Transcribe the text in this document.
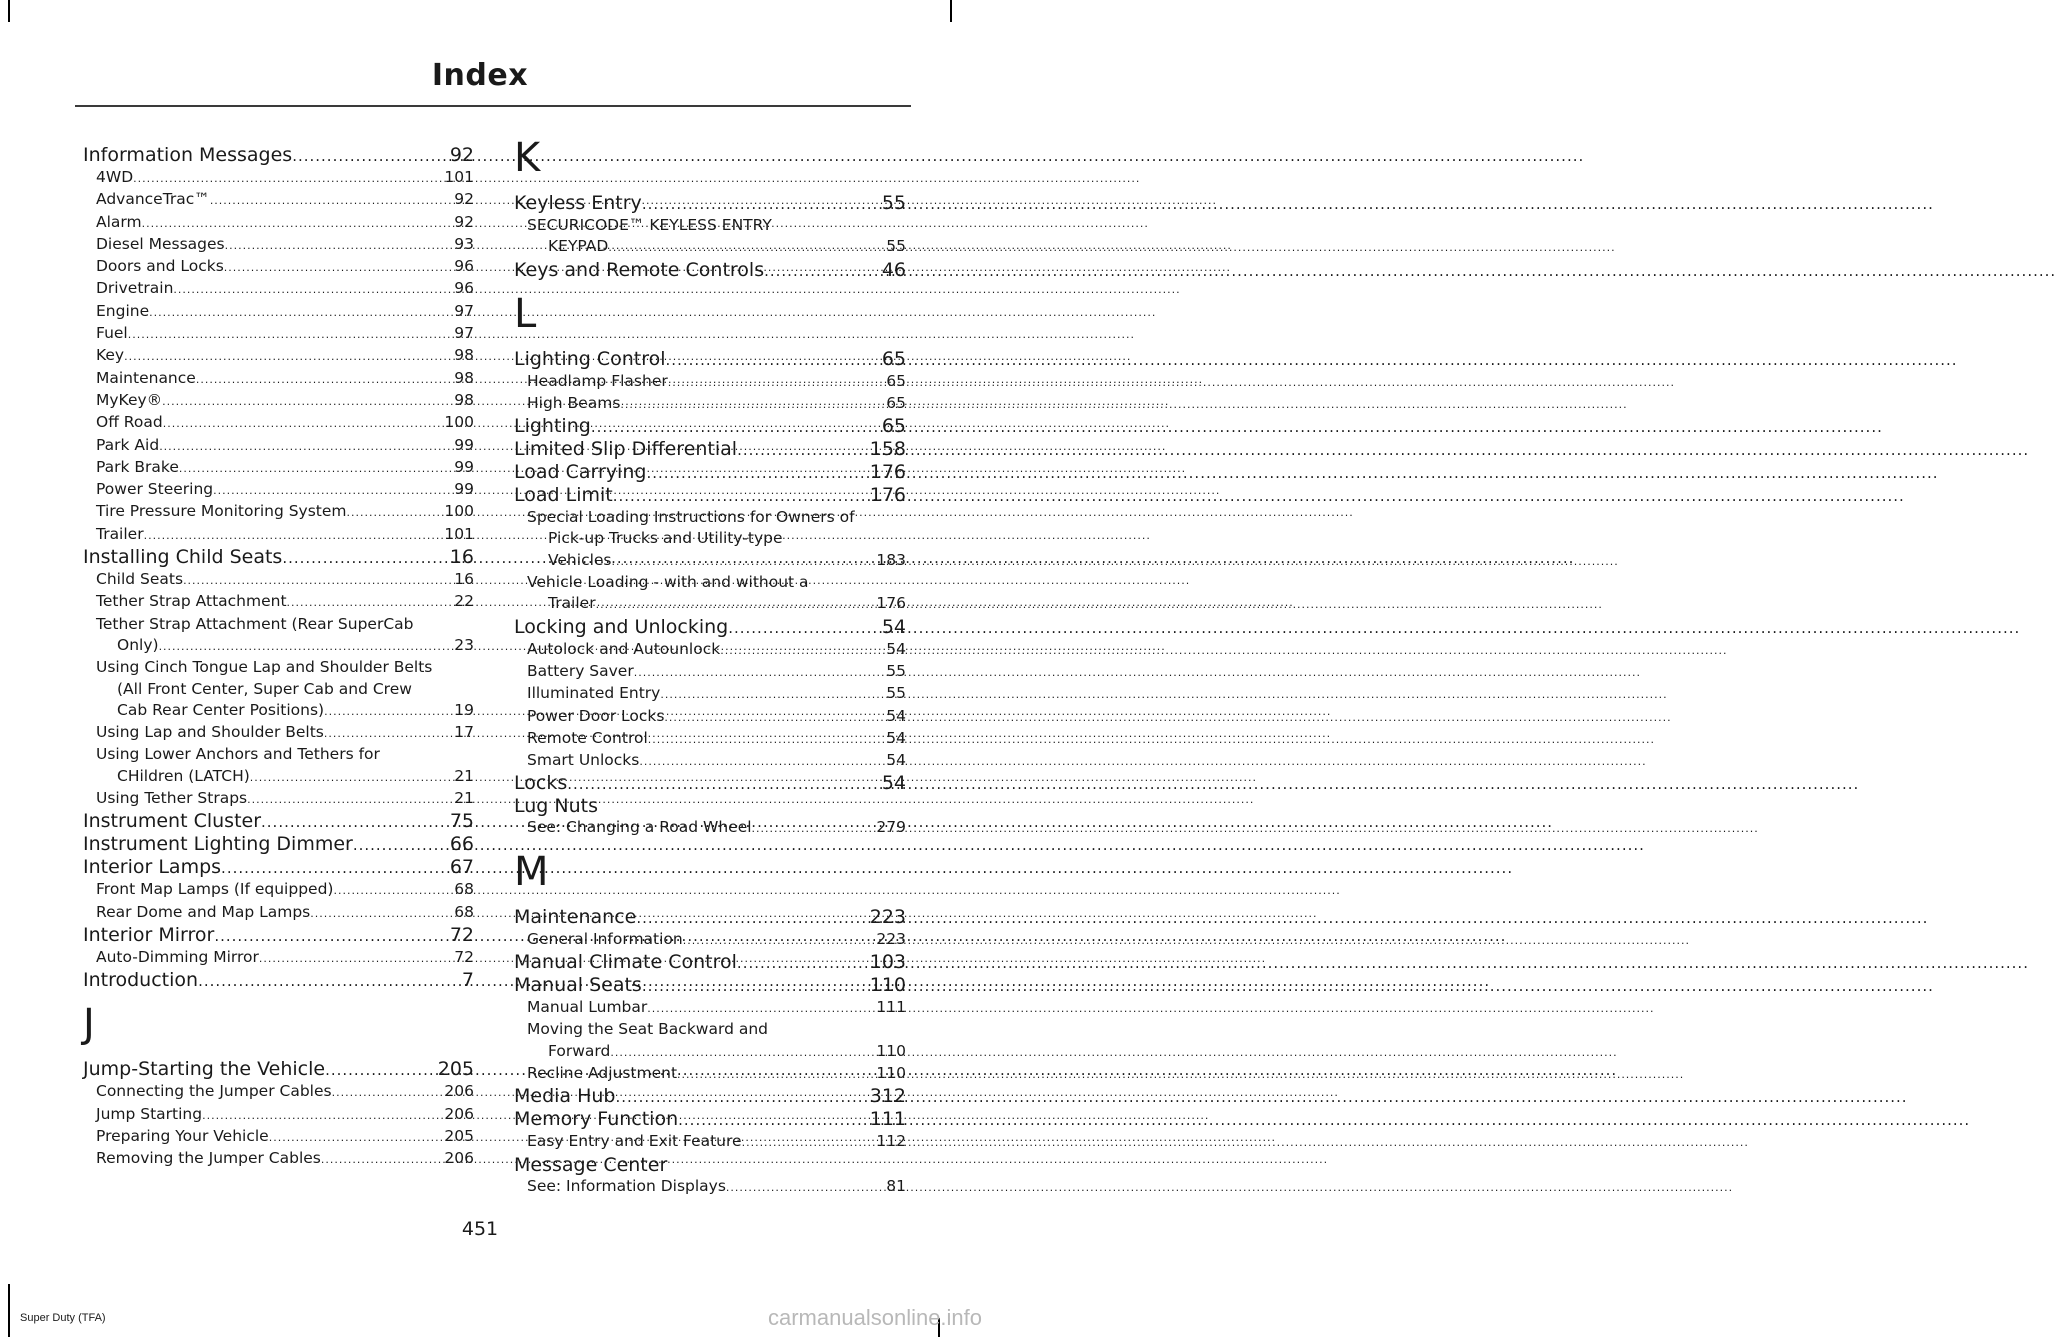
Index
Information Messages .....	92
4WD .....	101
AdvanceTrac™ .....	92
Alarm .....	92
Diesel Messages .....	93
Doors and Locks .....	96
Drivetrain .....	96
Engine .....	97
Fuel .....	97
Key .....	98
Maintenance .....	98
MyKey® .....	98
Off Road .....	100
Park Aid .....	99
Park Brake .....	99
Power Steering .....	99
Tire Pressure Monitoring System .....	100
Trailer .....	101
Installing Child Seats .....	16
Child Seats .....	16
Tether Strap Attachment .....	22
Tether Strap Attachment (Rear SuperCab
Only) .....	23
Using Cinch Tongue Lap and Shoulder Belts
(All Front Center, Super Cab and Crew
Cab Rear Center Positions) .....	19
Using Lap and Shoulder Belts .....	17
Using Lower Anchors and Tethers for
CHildren (LATCH) .....	21
Using Tether Straps .....	21
Instrument Cluster .....	75
Instrument Lighting Dimmer .....	66
Interior Lamps .....	67
Front Map Lamps (If equipped) .....	68
Rear Dome and Map Lamps .....	68
Interior Mirror .....	72
Auto-Dimming Mirror .....	72
Introduction .....	7
J
Jump-Starting the Vehicle .....	205
Connecting the Jumper Cables .....	206
Jump Starting .....	206
Preparing Your Vehicle .....	205
Removing the Jumper Cables .....	206
K
Keyless Entry .....	55
SECURICODE™ KEYLESS ENTRY
KEYPAD .....	55
Keys and Remote Controls .....	46
L
Lighting Control .....	65
Headlamp Flasher .....	65
High Beams .....	65
Lighting .....	65
Limited Slip Differential .....	158
Load Carrying .....	176
Load Limit .....	176
Special Loading Instructions for Owners of
Pick-up Trucks and Utility-type
Vehicles .....	183
Vehicle Loading - with and without a
Trailer .....	176
Locking and Unlocking .....	54
Autolock and Autounlock .....	54
Battery Saver .....	55
Illuminated Entry .....	55
Power Door Locks .....	54
Remote Control .....	54
Smart Unlocks .....	54
Locks .....	54
Lug Nuts
See: Changing a Road Wheel .....	279
M
Maintenance .....	223
General Information .....	223
Manual Climate Control .....	103
Manual Seats .....	110
Manual Lumbar .....	111
Moving the Seat Backward and
Forward .....	110
Recline Adjustment .....	110
Media Hub .....	312
Memory Function .....	111
Easy Entry and Exit Feature .....	112
Message Center
See: Information Displays .....	81
451
Super Duty (TFA)	carmanualsonline.info
